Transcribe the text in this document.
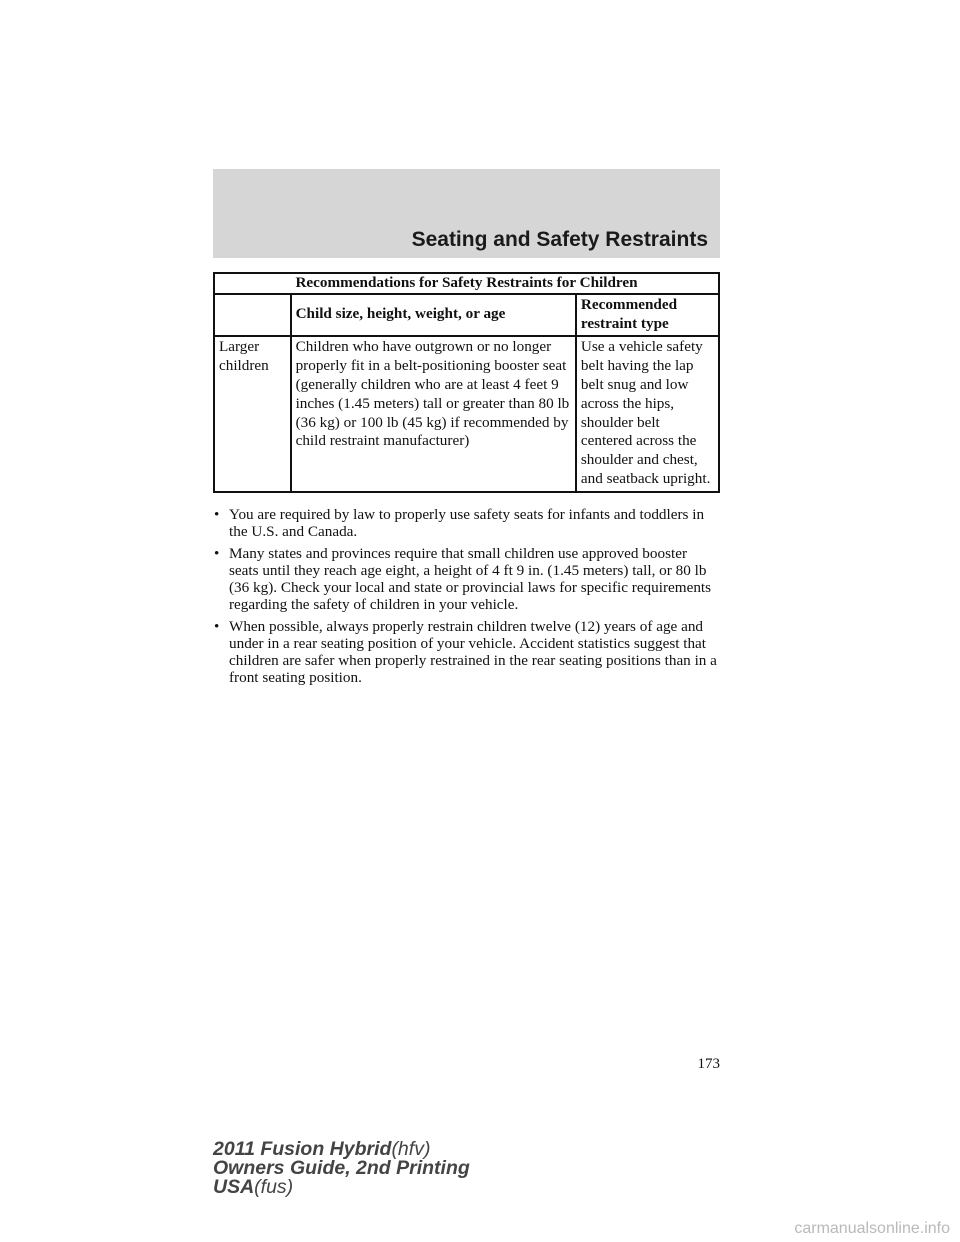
Seating and Safety Restraints
Recommendations for Safety Restraints for Children		
	Child size, height, weight, or age	Recommended restraint type
Larger children	Children who have outgrown or no longer properly fit in a belt-positioning booster seat (generally children who are at least 4 feet 9 inches (1.45 meters) tall or greater than 80 lb (36 kg) or 100 lb (45 kg) if recommended by child restraint manufacturer)	Use a vehicle safety belt having the lap belt snug and low across the hips, shoulder belt centered across the shoulder and chest, and seatback upright.
• You are required by law to properly use safety seats for infants and toddlers in the U.S. and Canada.
• Many states and provinces require that small children use approved booster seats until they reach age eight, a height of 4 ft 9 in. (1.45 meters) tall, or 80 lb (36 kg). Check your local and state or provincial laws for specific requirements regarding the safety of children in your vehicle.
• When possible, always properly restrain children twelve (12) years of age and under in a rear seating position of your vehicle. Accident statistics suggest that children are safer when properly restrained in the rear seating positions than in a front seating position.
173
2011 Fusion Hybrid(hfv)
Owners Guide, 2nd Printing
USA(fus)
carmanualsonline.info
